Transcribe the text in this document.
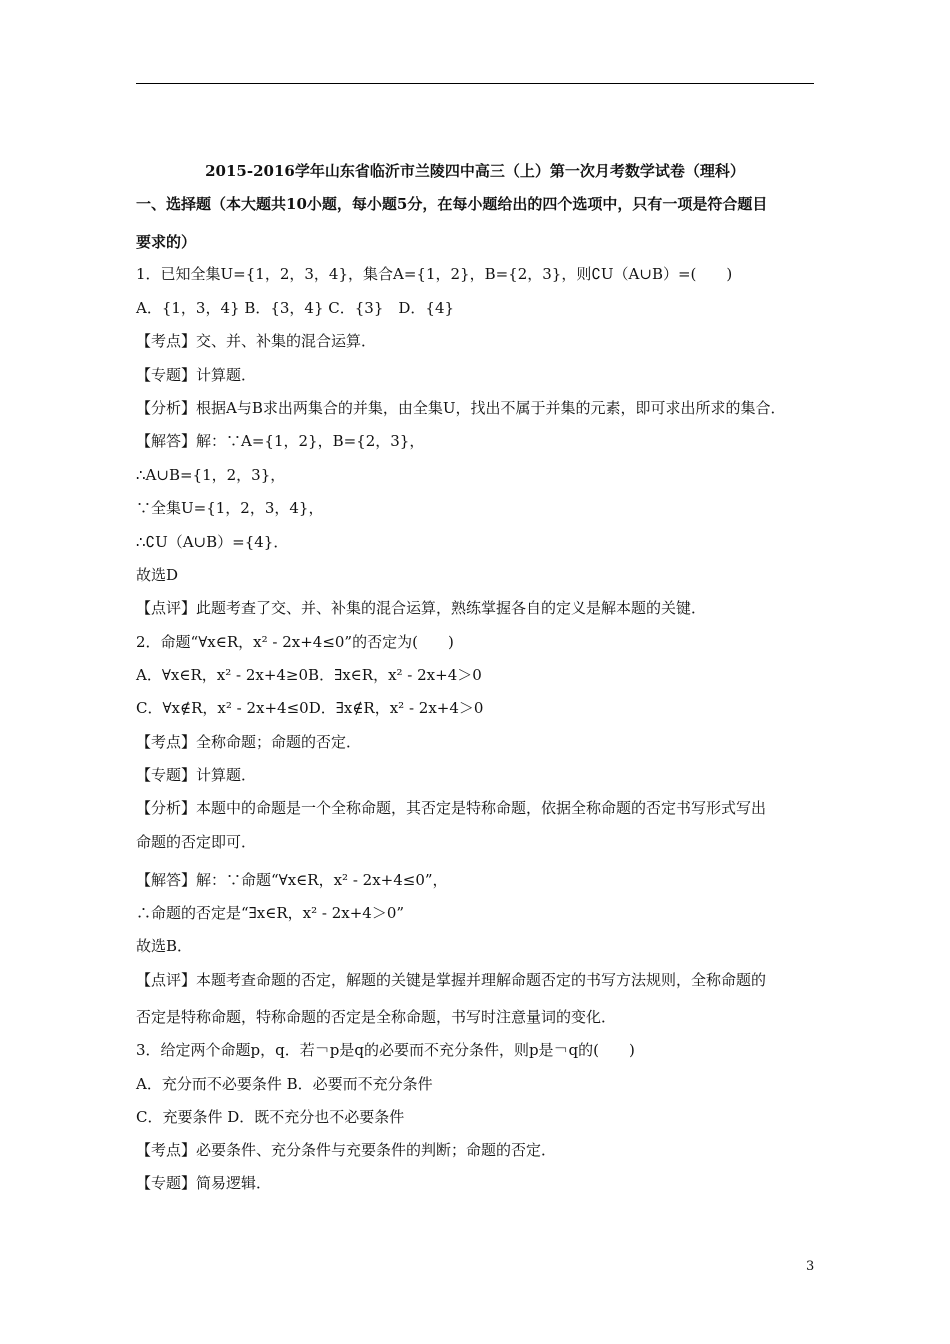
2015-2016学年山东省临沂市兰陵四中高三（上）第一次月考数学试卷（理科）
一、选择题（本大题共10小题，每小题5分，在每小题给出的四个选项中，只有一项是符合题目
要求的）
1．已知全集U={1，2，3，4}，集合A={1，2}，B={2，3}，则∁U（A∪B）=(　　)
A．{1，3，4} B．{3，4} C．{3}　D．{4}
【考点】交、并、补集的混合运算．
【专题】计算题．
【分析】根据A与B求出两集合的并集，由全集U，找出不属于并集的元素，即可求出所求的集合．
【解答】解：∵A={1，2}，B={2，3}，
∴A∪B={1，2，3}，
∵全集U={1，2，3，4}，
∴∁U（A∪B）={4}．
故选D
【点评】此题考查了交、并、补集的混合运算，熟练掌握各自的定义是解本题的关键．
2．命题“∀x∈R，x² - 2x+4≤0”的否定为(　　)
A．∀x∈R，x² - 2x+4≥0B．∃x∈R，x² - 2x+4＞0
C．∀x∉R，x² - 2x+4≤0D．∃x∉R，x² - 2x+4＞0
【考点】全称命题；命题的否定．
【专题】计算题．
【分析】本题中的命题是一个全称命题，其否定是特称命题，依据全称命题的否定书写形式写出
命题的否定即可．
【解答】解：∵命题“∀x∈R，x² - 2x+4≤0”，
∴命题的否定是“∃x∈R，x² - 2x+4＞0”
故选B．
【点评】本题考查命题的否定，解题的关键是掌握并理解命题否定的书写方法规则，全称命题的
否定是特称命题，特称命题的否定是全称命题，书写时注意量词的变化．
3．给定两个命题p，q．若￢p是q的必要而不充分条件，则p是￢q的(　　)
A．充分而不必要条件 B．必要而不充分条件
C．充要条件 D．既不充分也不必要条件
【考点】必要条件、充分条件与充要条件的判断；命题的否定．
【专题】简易逻辑．
3
